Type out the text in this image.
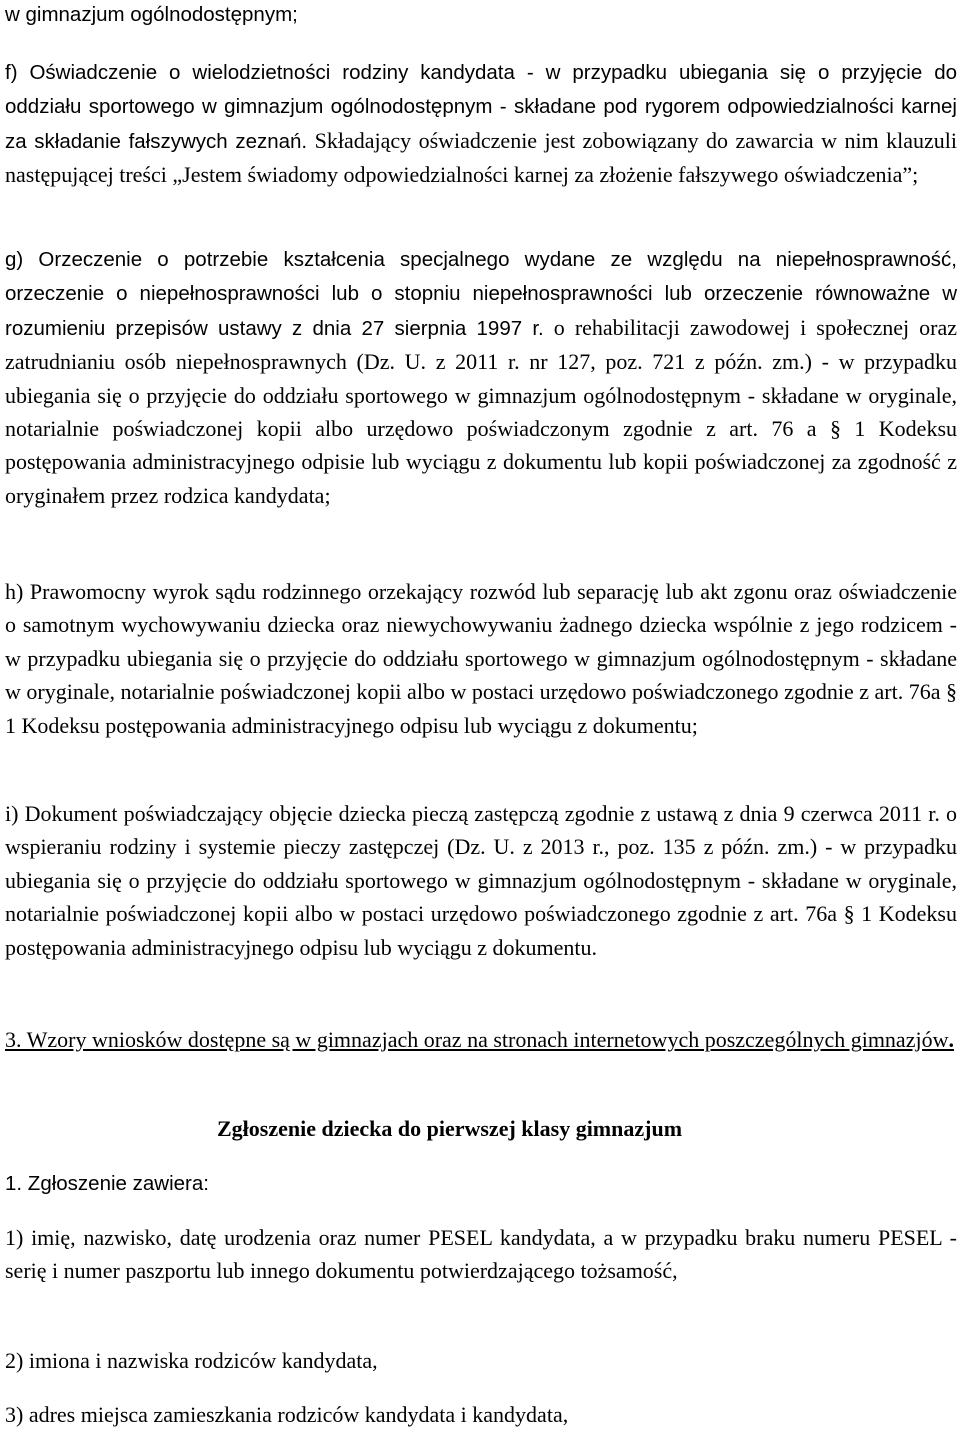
w gimnazjum ogólnodostępnym;

f) Oświadczenie o wielodzietności rodziny kandydata - w przypadku ubiegania się o przyjęcie do oddziału sportowego w gimnazjum ogólnodostępnym - składane pod rygorem odpowiedzialności karnej za składanie fałszywych zeznań. Składający oświadczenie jest zobowiązany do zawarcia w nim klauzuli następującej treści „Jestem świadomy odpowiedzialności karnej za złożenie fałszywego oświadczenia”;

g) Orzeczenie o potrzebie kształcenia specjalnego wydane ze względu na niepełnosprawność, orzeczenie o niepełnosprawności lub o stopniu niepełnosprawności lub orzeczenie równoważne w rozumieniu przepisów ustawy z dnia 27 sierpnia 1997 r. o rehabilitacji zawodowej i społecznej oraz zatrudnianiu osób niepełnosprawnych (Dz. U. z 2011 r. nr 127, poz. 721 z późn. zm.) - w przypadku ubiegania się o przyjęcie do oddziału sportowego w gimnazjum ogólnodostępnym - składane w oryginale, notarialnie poświadczonej kopii albo urzędowo poświadczonym zgodnie z art. 76 a § 1 Kodeksu postępowania administracyjnego odpisie lub wyciągu z dokumentu lub kopii poświadczonej za zgodność z oryginałem przez rodzica kandydata;

h) Prawomocny wyrok sądu rodzinnego orzekający rozwód lub separację lub akt zgonu oraz oświadczenie o samotnym wychowywaniu dziecka oraz niewychowywaniu żadnego dziecka wspólnie z jego rodzicem - w przypadku ubiegania się o przyjęcie do oddziału sportowego w gimnazjum ogólnodostępnym - składane w oryginale, notarialnie poświadczonej kopii albo w postaci urzędowo poświadczonego zgodnie z art. 76a § 1 Kodeksu postępowania administracyjnego odpisu lub wyciągu z dokumentu;

i) Dokument poświadczający objęcie dziecka pieczą zastępczą zgodnie z ustawą z dnia 9 czerwca 2011 r. o wspieraniu rodziny i systemie pieczy zastępczej (Dz. U. z 2013 r., poz. 135 z późn. zm.) - w przypadku ubiegania się o przyjęcie do oddziału sportowego w gimnazjum ogólnodostępnym - składane w oryginale, notarialnie poświadczonej kopii albo w postaci urzędowo poświadczonego zgodnie z art. 76a § 1 Kodeksu postępowania administracyjnego odpisu lub wyciągu z dokumentu.

3. Wzory wniosków dostępne są w gimnazjach oraz na stronach internetowych poszczególnych gimnazjów.

Zgłoszenie dziecka do pierwszej klasy gimnazjum

1. Zgłoszenie zawiera:

1) imię, nazwisko, datę urodzenia oraz numer PESEL kandydata, a w przypadku braku numeru PESEL - serię i numer paszportu lub innego dokumentu potwierdzającego tożsamość,

2) imiona i nazwiska rodziców kandydata,

3) adres miejsca zamieszkania rodziców kandydata i kandydata,
